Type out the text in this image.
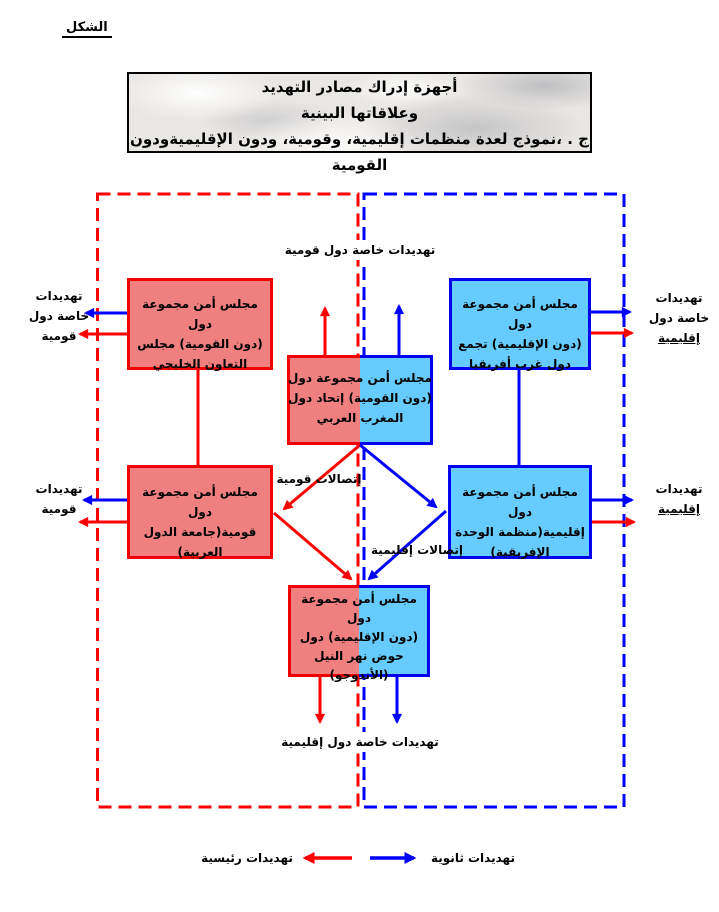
الشكل
أجهزة إدراك مصادر التهديد
وعلاقاتها البينية
ج . ،نموذج لعدة منظمات إقليمية، وقومية، ودون الإقليميةودون القومية
مجلس أمن مجموعة دول
(دون القومية) مجلس
التعاون الخليجي
مجلس أمن مجموعة دول
(دون الإقليمية) تجمع
دول غرب أفريقيا
مجلس أمن مجموعة دول
(دون القومية) إتحاد دول
المغرب العربي
مجلس أمن مجموعة دول
قومية(جامعة الدول
العربية)
مجلس أمن مجموعة دول
إقليمية(منظمة الوحدة
الإفريقية)
مجلس أمن مجموعة دول
(دون الإقليمية) دول
حوض نهر النيل
(الأندوجو)
تهديدات خاصة دول قومية
تهديدات
خاصة دول
قومية
تهديدات
خاصة دول
إقليمية
تهديدات
قومية
تهديدات
إقليمية
إتصالات قومية
إتصالات إقليمية
تهديدات خاصة دول إقليمية
تهديدات رئيسية	تهديدات ثانوية
